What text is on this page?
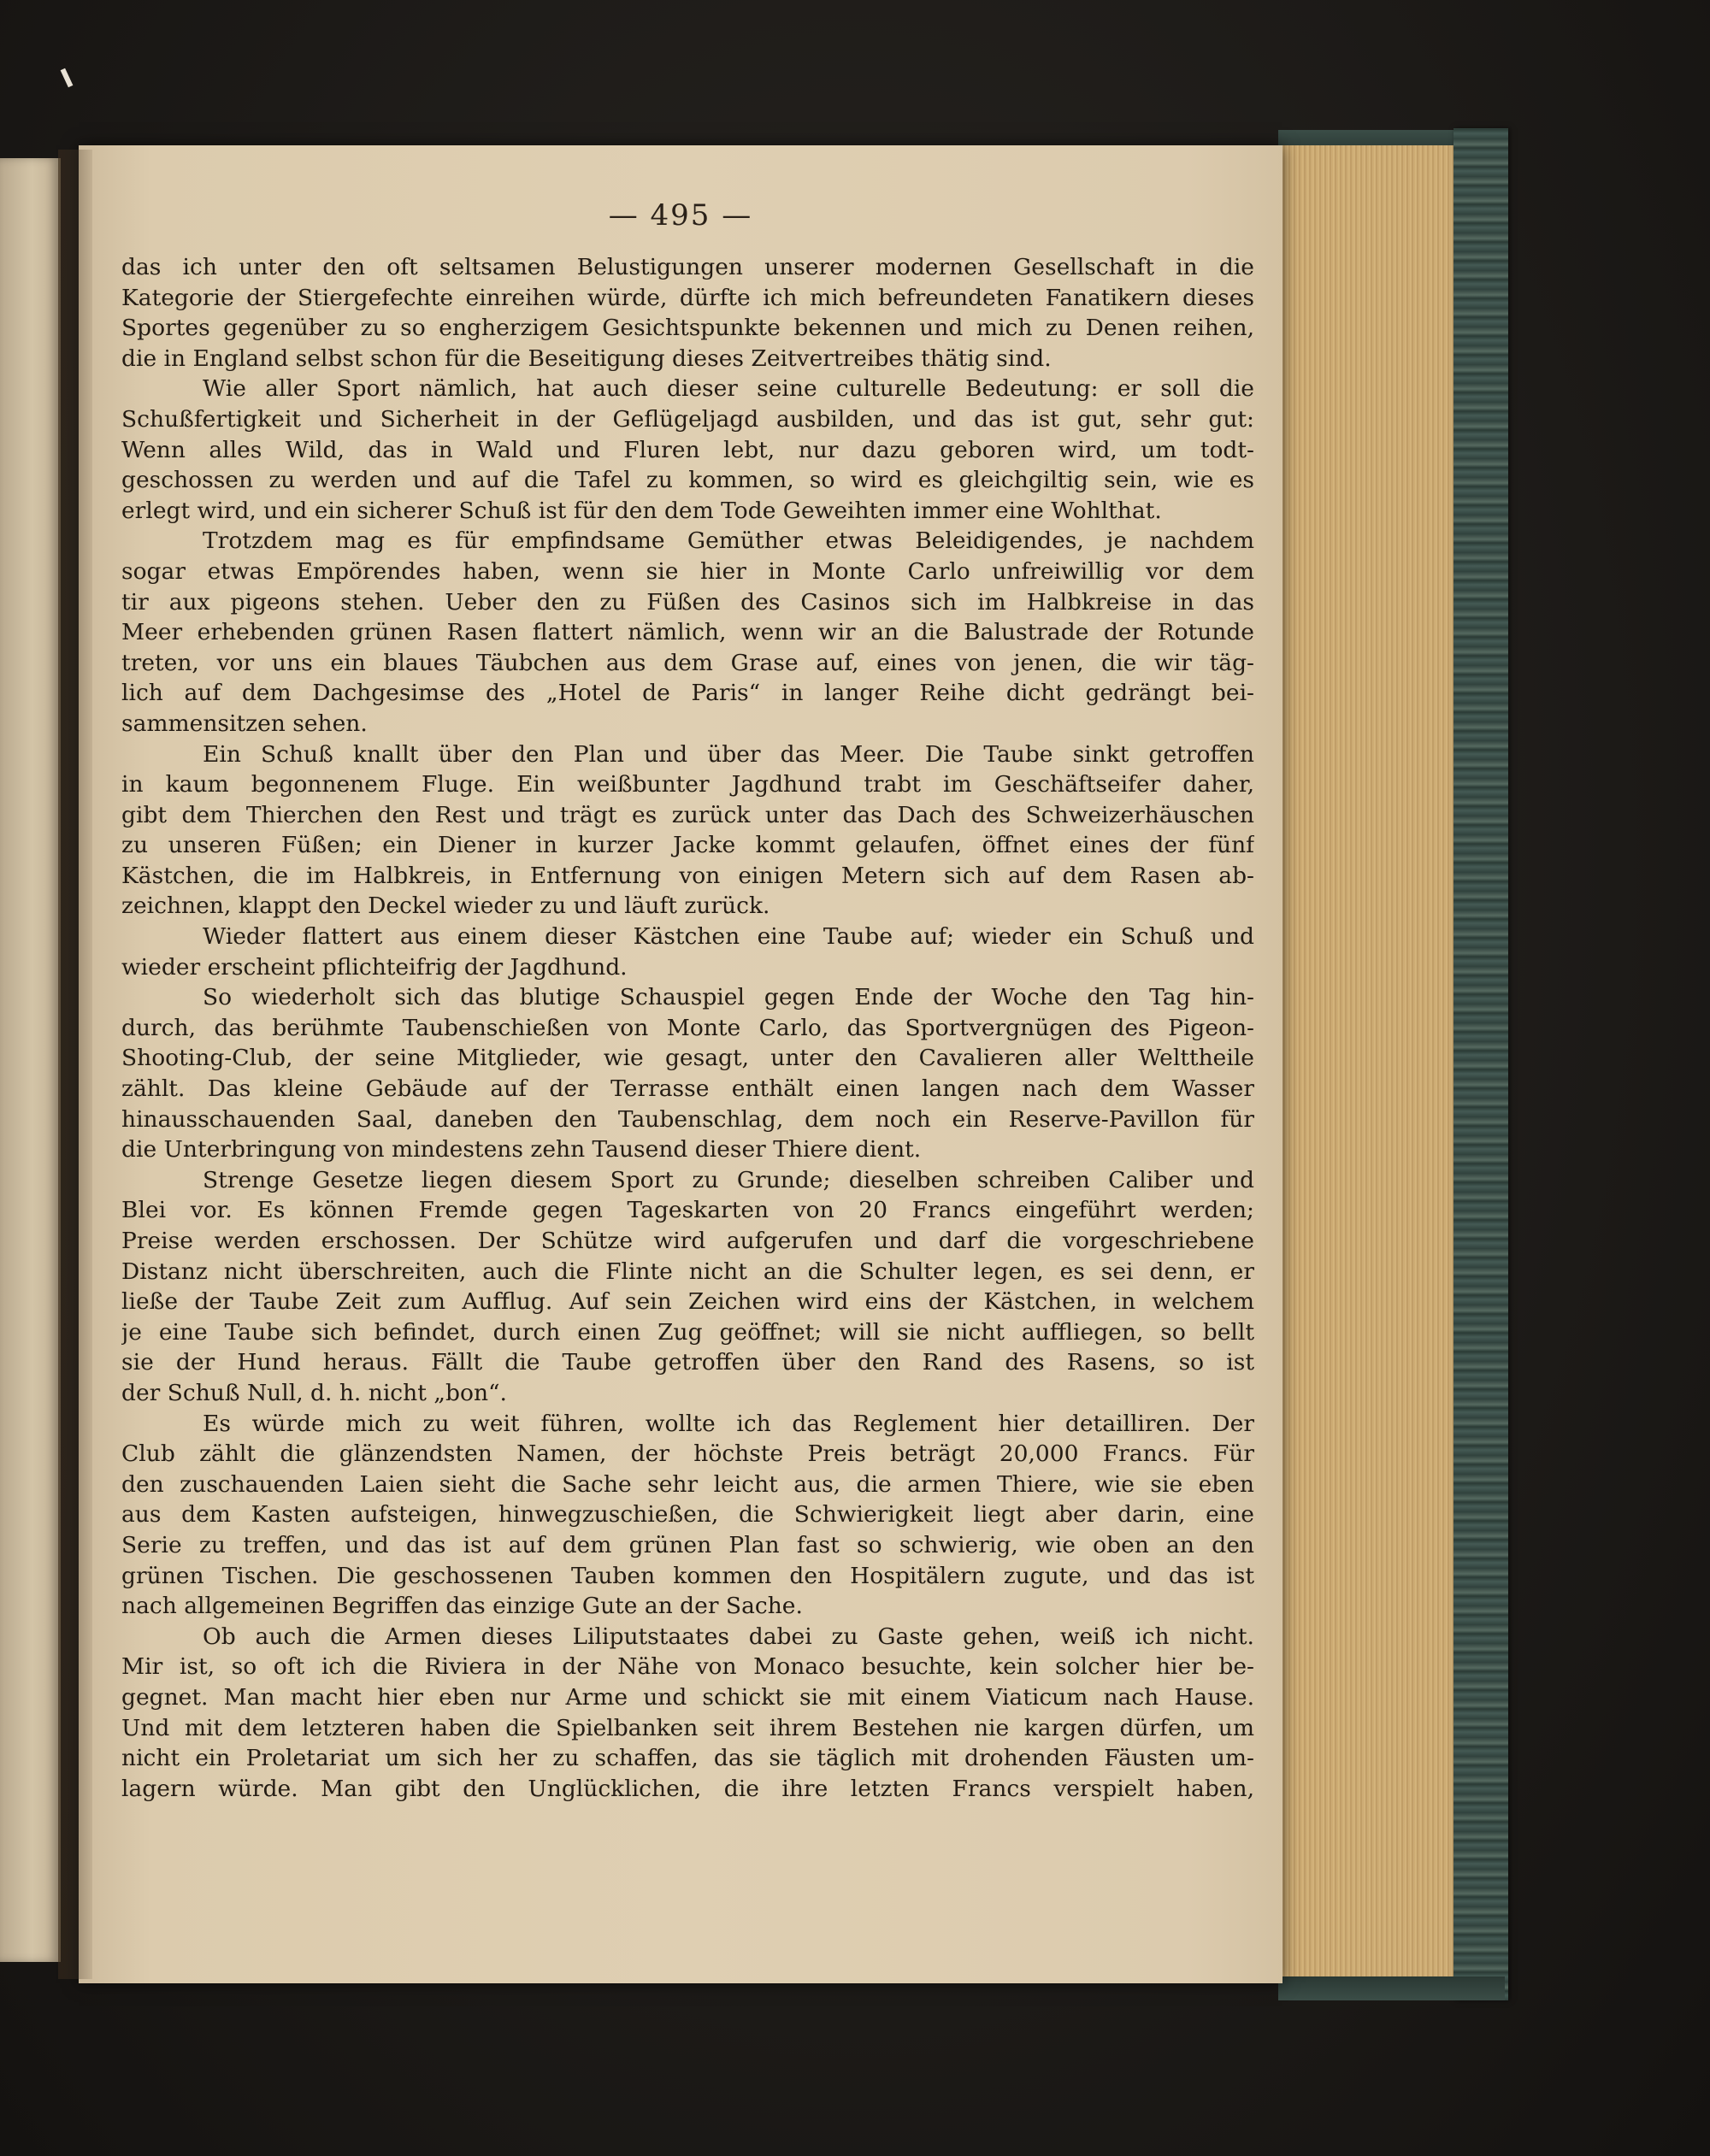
— 495 —
das ich unter den oft seltsamen Belustigungen unserer modernen Gesellschaft in die
Kategorie der Stiergefechte einreihen würde, dürfte ich mich befreundeten Fanatikern dieses
Sportes gegenüber zu so engherzigem Gesichtspunkte bekennen und mich zu Denen reihen,
die in England selbst schon für die Beseitigung dieses Zeitvertreibes thätig sind.
Wie aller Sport nämlich, hat auch dieser seine culturelle Bedeutung: er soll die
Schußfertigkeit und Sicherheit in der Geflügeljagd ausbilden, und das ist gut, sehr gut:
Wenn alles Wild, das in Wald und Fluren lebt, nur dazu geboren wird, um todt-
geschossen zu werden und auf die Tafel zu kommen, so wird es gleichgiltig sein, wie es
erlegt wird, und ein sicherer Schuß ist für den dem Tode Geweihten immer eine Wohlthat.
Trotzdem mag es für empfindsame Gemüther etwas Beleidigendes, je nachdem
sogar etwas Empörendes haben, wenn sie hier in Monte Carlo unfreiwillig vor dem
tir aux pigeons stehen. Ueber den zu Füßen des Casinos sich im Halbkreise in das
Meer erhebenden grünen Rasen flattert nämlich, wenn wir an die Balustrade der Rotunde
treten, vor uns ein blaues Täubchen aus dem Grase auf, eines von jenen, die wir täg-
lich auf dem Dachgesimse des „Hotel de Paris“ in langer Reihe dicht gedrängt bei-
sammensitzen sehen.
Ein Schuß knallt über den Plan und über das Meer. Die Taube sinkt getroffen
in kaum begonnenem Fluge. Ein weißbunter Jagdhund trabt im Geschäftseifer daher,
gibt dem Thierchen den Rest und trägt es zurück unter das Dach des Schweizerhäuschen
zu unseren Füßen; ein Diener in kurzer Jacke kommt gelaufen, öffnet eines der fünf
Kästchen, die im Halbkreis, in Entfernung von einigen Metern sich auf dem Rasen ab-
zeichnen, klappt den Deckel wieder zu und läuft zurück.
Wieder flattert aus einem dieser Kästchen eine Taube auf; wieder ein Schuß und
wieder erscheint pflichteifrig der Jagdhund.
So wiederholt sich das blutige Schauspiel gegen Ende der Woche den Tag hin-
durch, das berühmte Taubenschießen von Monte Carlo, das Sportvergnügen des Pigeon-
Shooting-Club, der seine Mitglieder, wie gesagt, unter den Cavalieren aller Welttheile
zählt. Das kleine Gebäude auf der Terrasse enthält einen langen nach dem Wasser
hinausschauenden Saal, daneben den Taubenschlag, dem noch ein Reserve-Pavillon für
die Unterbringung von mindestens zehn Tausend dieser Thiere dient.
Strenge Gesetze liegen diesem Sport zu Grunde; dieselben schreiben Caliber und
Blei vor. Es können Fremde gegen Tageskarten von 20 Francs eingeführt werden;
Preise werden erschossen. Der Schütze wird aufgerufen und darf die vorgeschriebene
Distanz nicht überschreiten, auch die Flinte nicht an die Schulter legen, es sei denn, er
ließe der Taube Zeit zum Aufflug. Auf sein Zeichen wird eins der Kästchen, in welchem
je eine Taube sich befindet, durch einen Zug geöffnet; will sie nicht auffliegen, so bellt
sie der Hund heraus. Fällt die Taube getroffen über den Rand des Rasens, so ist
der Schuß Null, d. h. nicht „bon“.
Es würde mich zu weit führen, wollte ich das Reglement hier detailliren. Der
Club zählt die glänzendsten Namen, der höchste Preis beträgt 20,000 Francs. Für
den zuschauenden Laien sieht die Sache sehr leicht aus, die armen Thiere, wie sie eben
aus dem Kasten aufsteigen, hinwegzuschießen, die Schwierigkeit liegt aber darin, eine
Serie zu treffen, und das ist auf dem grünen Plan fast so schwierig, wie oben an den
grünen Tischen. Die geschossenen Tauben kommen den Hospitälern zugute, und das ist
nach allgemeinen Begriffen das einzige Gute an der Sache.
Ob auch die Armen dieses Liliputstaates dabei zu Gaste gehen, weiß ich nicht.
Mir ist, so oft ich die Riviera in der Nähe von Monaco besuchte, kein solcher hier be-
gegnet. Man macht hier eben nur Arme und schickt sie mit einem Viaticum nach Hause.
Und mit dem letzteren haben die Spielbanken seit ihrem Bestehen nie kargen dürfen, um
nicht ein Proletariat um sich her zu schaffen, das sie täglich mit drohenden Fäusten um-
lagern würde. Man gibt den Unglücklichen, die ihre letzten Francs verspielt haben,
